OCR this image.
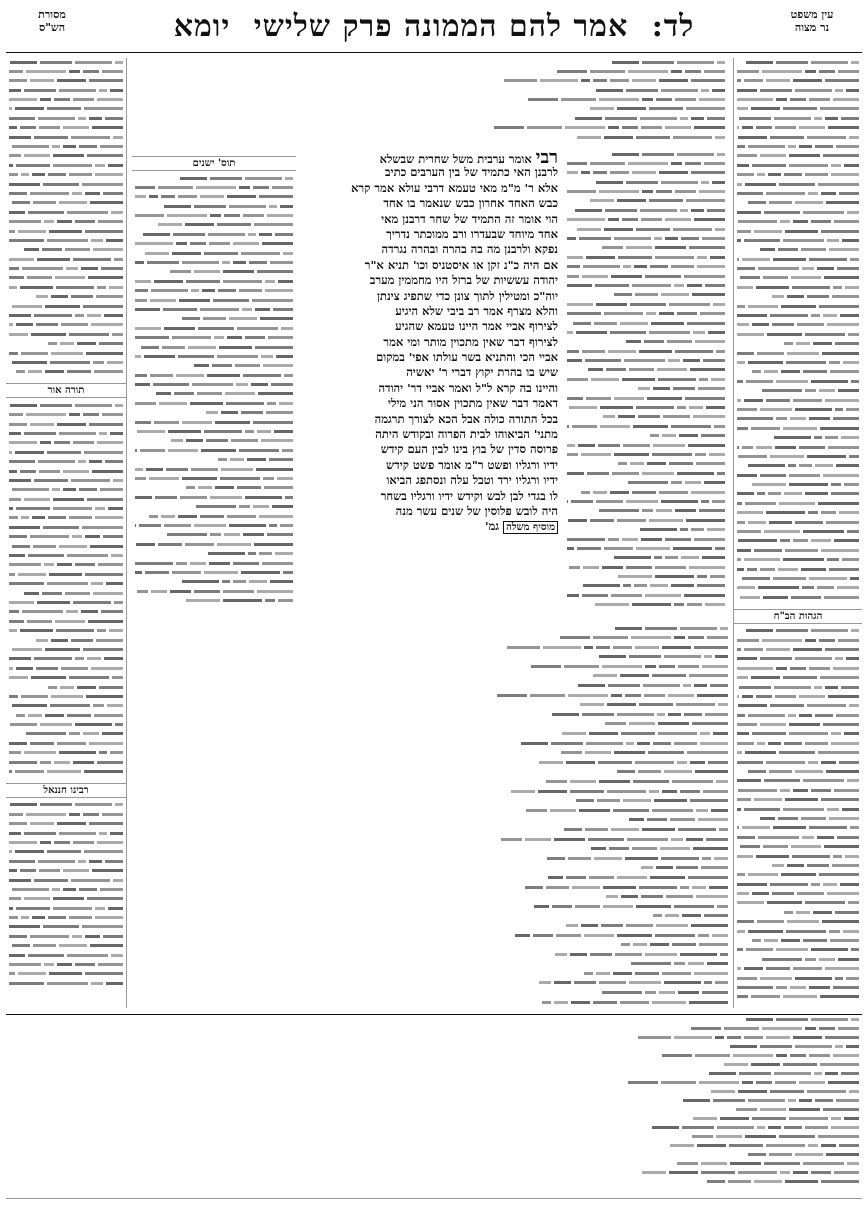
עין משפט
נר מצוה
לד: אמר להם הממונה פרק שלישי יומא
מסורת
הש"ס
הגהות הב"ח
רבי אומר ערבית משל שחרית שבשלא
לרבנן האי כתמיד של בין הערבים כתיב
אלא ר' מ"מ מאי טעמא דרבי עולא אמר קרא
כבש האחד אחרון כבש שנאמר בו אחד
הוי אומר זה התמיד של שחר דרבנן מאי
אחד מיוחד שבעדרו ורב ממוכתר נדריך
נפקא ולרבנן מה בה בהרה ובהרה נגרדה
אם היה כ"נ זקן או איסטניס וכו' תניא א"ר
יהודה עששיות של ברזל היו מחממין מערב
יוה"כ ומטילין לתוך צונן כדי שתפיג צינתן
והלא מצרף אמר רב ביבי שלא היגיע
לצירוף אביי אמר היינו טעמא שהגיע
לצירוף דבר שאין מתכוין מותר ומי אמר
אביי הכי והתניא בשר עולתו אפי' במקום
שיש בו בהרת יקוץ דברי ר' יאשיה
והיינו בה קרא ל"ל ואמר אביי דר' יהודה
דאמר דבר שאין מתכוין אסור הני מילי
בכל התורה כולה אבל הכא לצורך תרגמה
מתני' הביאוהו לבית הפרוה ובקודש היתה
פרוסה סדין של בוץ בינו לבין העם קידש
ידיו ורגליו ופשט ר"מ אומר פשט קידש
ידיו ורגליו ירד וטבל עלה ונסתפג הביאו
לו בגדי לבן לבש וקידש ידיו ורגליו בשחר
היה לובש פלוסין של שנים עשר מנה
מוסיף משלה גמ'
תוס' ישנים
תורה אור
רבינו חננאל
